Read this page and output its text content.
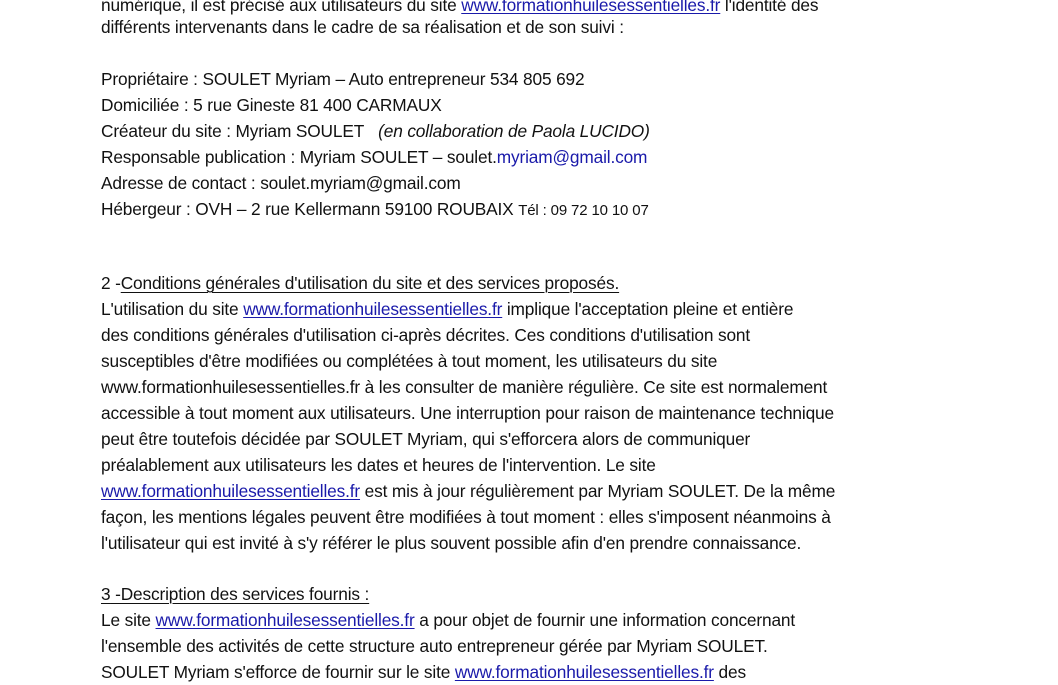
numérique, il est précisé aux utilisateurs du site www.formationhuilesessentielles.fr l'identité des
différents intervenants dans le cadre de sa réalisation et de son suivi :
Propriétaire : SOULET Myriam – Auto entrepreneur 534 805 692
Domiciliée : 5 rue Gineste 81 400 CARMAUX
Créateur du site : Myriam SOULET (en collaboration de Paola LUCIDO)
Responsable publication : Myriam SOULET – soulet.myriam@gmail.com
Adresse de contact : soulet.myriam@gmail.com
Hébergeur : OVH – 2 rue Kellermann 59100 ROUBAIX Tél : 09 72 10 10 07
2 -Conditions générales d'utilisation du site et des services proposés.
L'utilisation du site www.formationhuilesessentielles.fr implique l'acceptation pleine et entière
des conditions générales d'utilisation ci-après décrites. Ces conditions d'utilisation sont
susceptibles d'être modifiées ou complétées à tout moment, les utilisateurs du site
www.formationhuilesessentielles.fr à les consulter de manière régulière. Ce site est normalement
accessible à tout moment aux utilisateurs. Une interruption pour raison de maintenance technique
peut être toutefois décidée par SOULET Myriam, qui s'efforcera alors de communiquer
préalablement aux utilisateurs les dates et heures de l'intervention. Le site
www.formationhuilesessentielles.fr est mis à jour régulièrement par Myriam SOULET. De la même
façon, les mentions légales peuvent être modifiées à tout moment : elles s'imposent néanmoins à
l'utilisateur qui est invité à s'y référer le plus souvent possible afin d'en prendre connaissance.
3 -Description des services fournis :
Le site www.formationhuilesessentielles.fr a pour objet de fournir une information concernant
l'ensemble des activités de cette structure auto entrepreneur gérée par Myriam SOULET.
SOULET Myriam s'efforce de fournir sur le site www.formationhuilesessentielles.fr des
